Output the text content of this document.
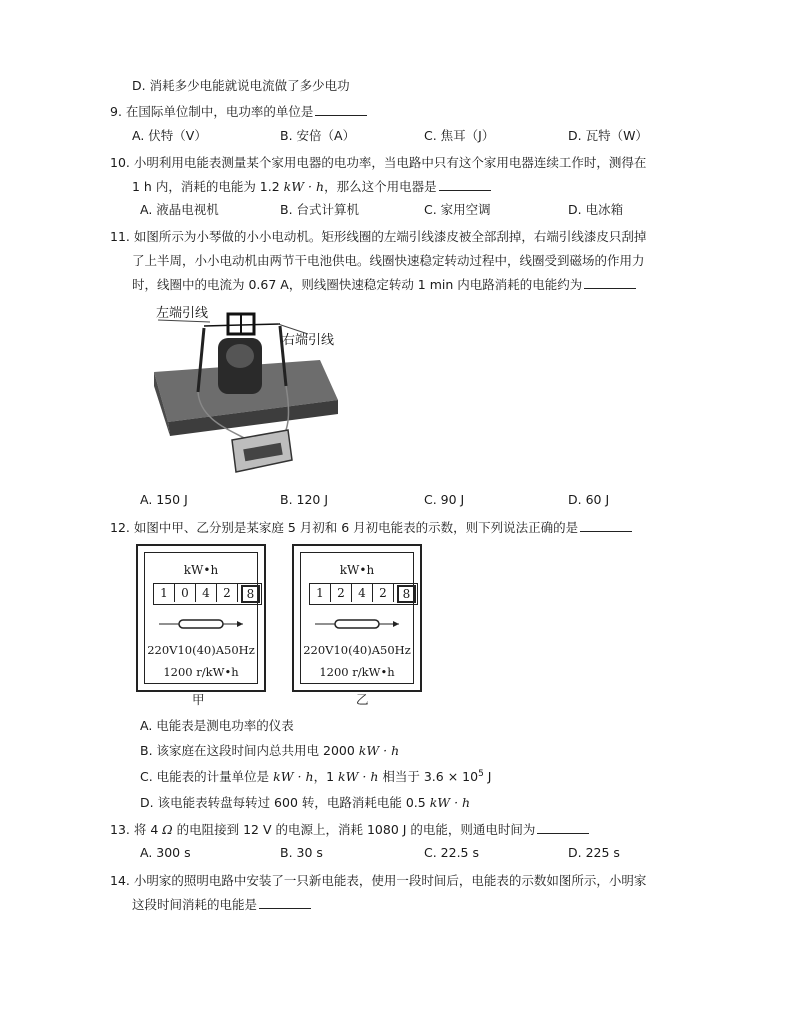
D. 消耗多少电能就说电流做了多少电功
9. 在国际单位制中，电功率的单位是
A. 伏特（V）	B. 安倍（A）	C. 焦耳（J）	D. 瓦特（W）
10. 小明利用电能表测量某个家用电器的电功率，当电路中只有这个家用电器连续工作时，测得在
1 h 内，消耗的电能为 1.2 kW · h，那么这个用电器是
A. 液晶电视机	B. 台式计算机	C. 家用空调	D. 电冰箱
11. 如图所示为小琴做的小小电动机。矩形线圈的左端引线漆皮被全部刮掉，右端引线漆皮只刮掉
了上半周，小小电动机由两节干电池供电。线圈快速稳定转动过程中，线圈受到磁场的作用力
时，线圈中的电流为 0.67 A，则线圈快速稳定转动 1 min 内电路消耗的电能约为
左端引线
右端引线
A. 150 J	B. 120 J	C. 90 J	D. 60 J
12. 如图中甲、乙分别是某家庭 5 月初和 6 月初电能表的示数，则下列说法正确的是
kW•h
1	0	4	2	8
220V10(40)A50Hz
1200 r/kW•h
甲
kW•h
1	2	4	2	8
220V10(40)A50Hz
1200 r/kW•h
乙
A. 电能表是测电功率的仪表
B. 该家庭在这段时间内总共用电 2000 kW · h
C. 电能表的计量单位是 kW · h，1 kW · h 相当于 $3.6 \times 10^5$ J
D. 该电能表转盘每转过 600 转，电路消耗电能 0.5 kW · h
13. 将 4 Ω 的电阻接到 12 V 的电源上，消耗 1080 J 的电能，则通电时间为
A. 300 s	B. 30 s	C. 22.5 s	D. 225 s
14. 小明家的照明电路中安装了一只新电能表，使用一段时间后，电能表的示数如图所示，小明家
这段时间消耗的电能是
